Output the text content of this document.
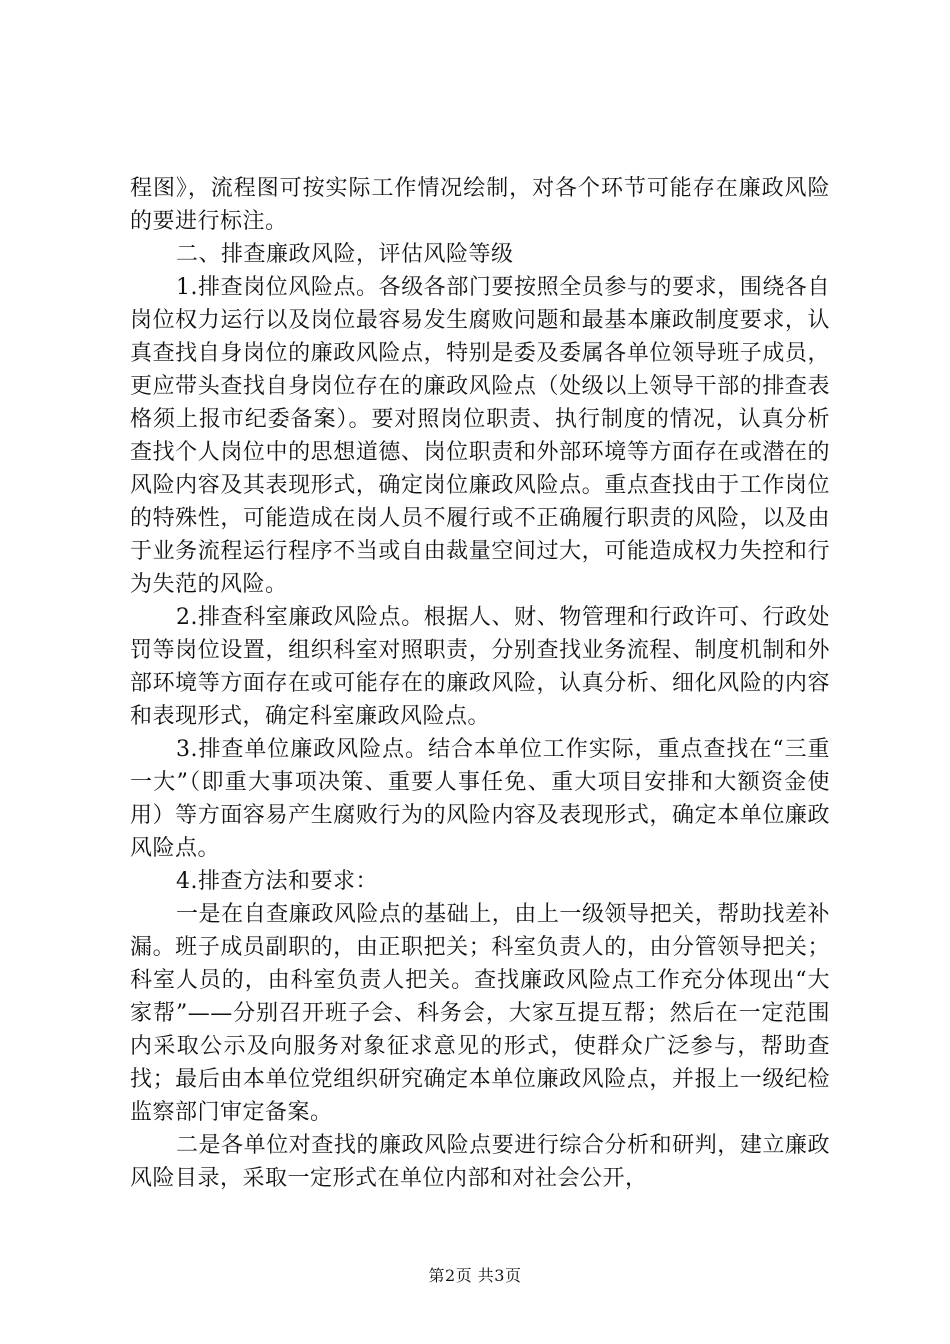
程图》，流程图可按实际工作情况绘制，对各个环节可能存在廉政风险的要进行标注。

二、排查廉政风险，评估风险等级

1.排查岗位风险点。各级各部门要按照全员参与的要求，围绕各自岗位权力运行以及岗位最容易发生腐败问题和最基本廉政制度要求，认真查找自身岗位的廉政风险点，特别是委及委属各单位领导班子成员，更应带头查找自身岗位存在的廉政风险点（处级以上领导干部的排查表格须上报市纪委备案）。要对照岗位职责、执行制度的情况，认真分析查找个人岗位中的思想道德、岗位职责和外部环境等方面存在或潜在的风险内容及其表现形式，确定岗位廉政风险点。重点查找由于工作岗位的特殊性，可能造成在岗人员不履行或不正确履行职责的风险，以及由于业务流程运行程序不当或自由裁量空间过大，可能造成权力失控和行为失范的风险。

2.排查科室廉政风险点。根据人、财、物管理和行政许可、行政处罚等岗位设置，组织科室对照职责，分别查找业务流程、制度机制和外部环境等方面存在或可能存在的廉政风险，认真分析、细化风险的内容和表现形式，确定科室廉政风险点。

3.排查单位廉政风险点。结合本单位工作实际，重点查找在“三重一大”（即重大事项决策、重要人事任免、重大项目安排和大额资金使用）等方面容易产生腐败行为的风险内容及表现形式，确定本单位廉政风险点。

4.排查方法和要求：

一是在自查廉政风险点的基础上，由上一级领导把关，帮助找差补漏。班子成员副职的，由正职把关；科室负责人的，由分管领导把关；科室人员的，由科室负责人把关。查找廉政风险点工作充分体现出“大家帮”——分别召开班子会、科务会，大家互提互帮；然后在一定范围内采取公示及向服务对象征求意见的形式，使群众广泛参与，帮助查找；最后由本单位党组织研究确定本单位廉政风险点，并报上一级纪检监察部门审定备案。

二是各单位对查找的廉政风险点要进行综合分析和研判，建立廉政风险目录，采取一定形式在单位内部和对社会公开，

第2页 共3页
